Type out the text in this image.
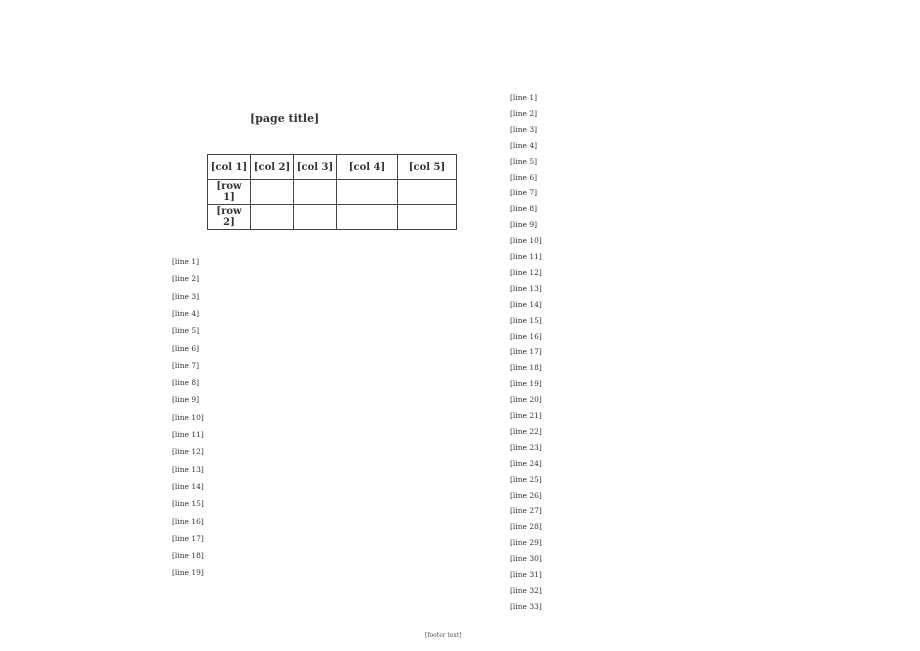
[page title]
[col 1]	[col 2]	[col 3]	[col 4]	[col 5]
[row 1]				
[row 2]				
[line 1]
[line 2]
[line 3]
[line 4]
[line 5]
[line 6]
[line 7]
[line 8]
[line 9]
[line 10]
[line 11]
[line 12]
[line 13]
[line 14]
[line 15]
[line 16]
[line 17]
[line 18]
[line 19]
[line 1]
[line 2]
[line 3]
[line 4]
[line 5]
[line 6]
[line 7]
[line 8]
[line 9]
[line 10]
[line 11]
[line 12]
[line 13]
[line 14]
[line 15]
[line 16]
[line 17]
[line 18]
[line 19]
[line 20]
[line 21]
[line 22]
[line 23]
[line 24]
[line 25]
[line 26]
[line 27]
[line 28]
[line 29]
[line 30]
[line 31]
[line 32]
[line 33]
[footer text]
